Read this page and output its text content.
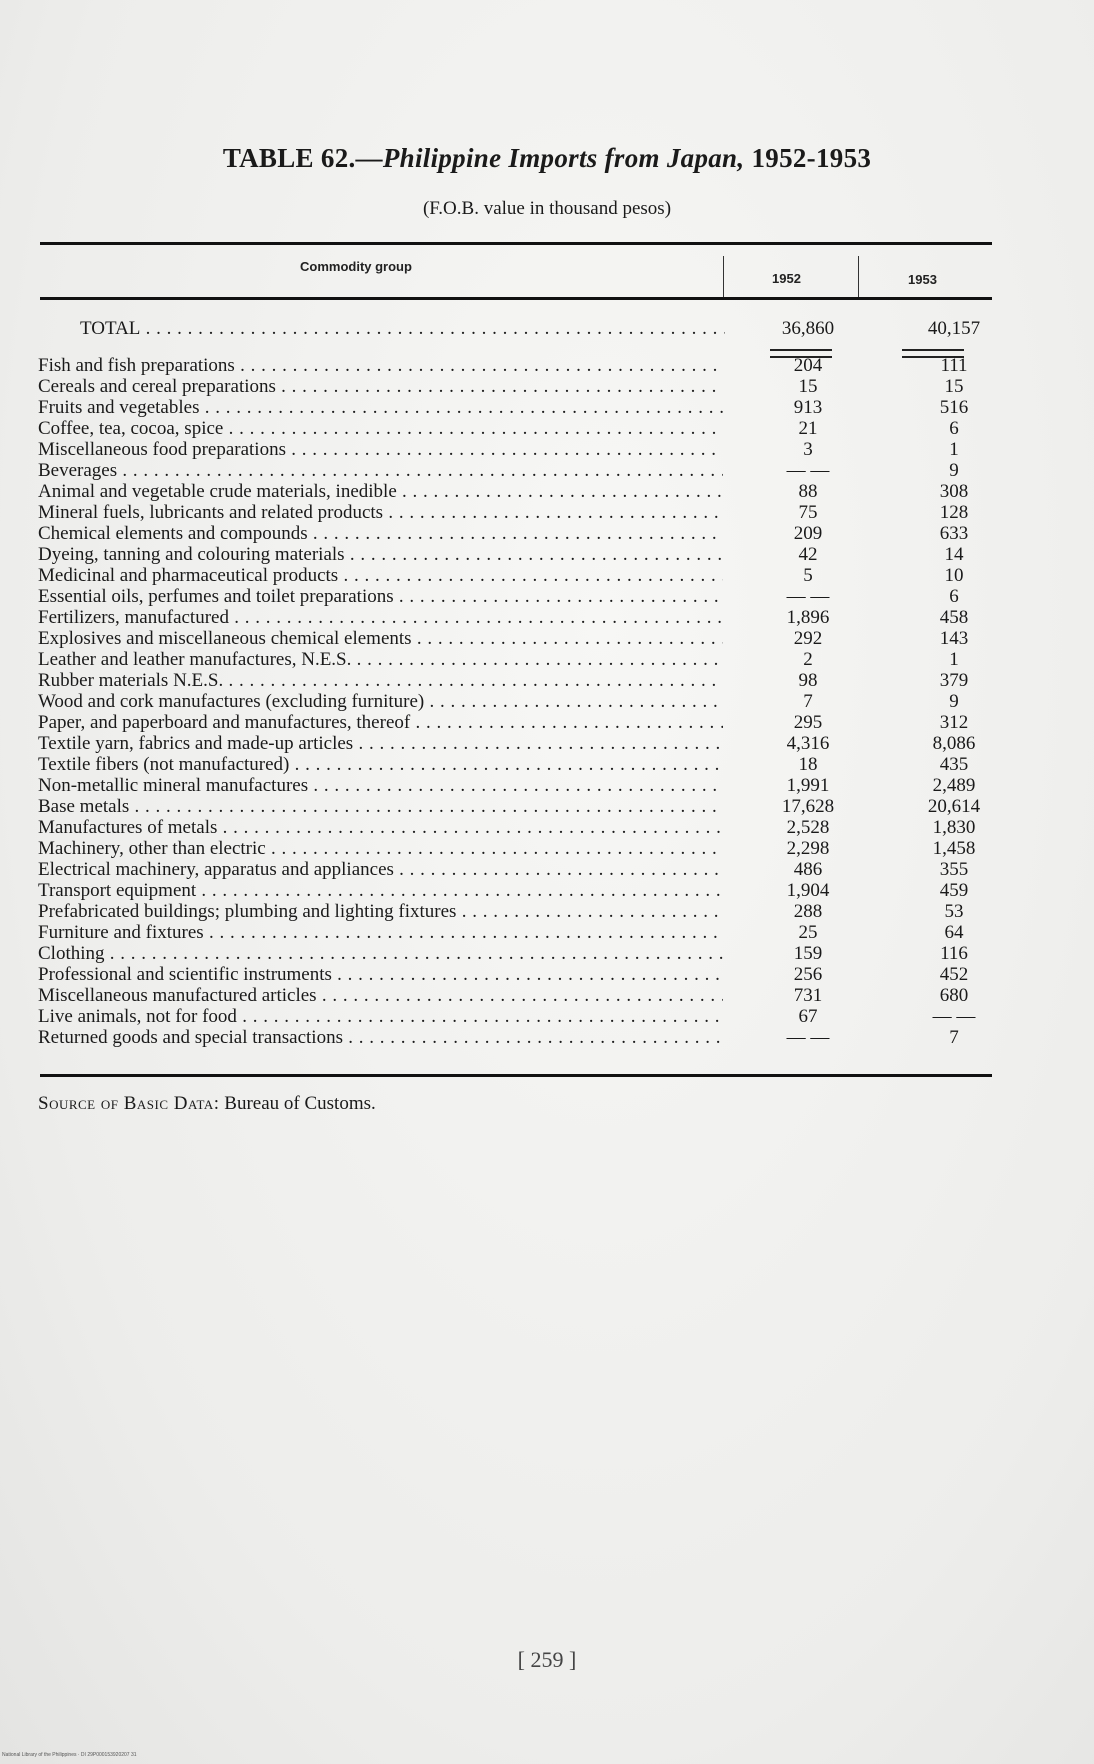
TABLE 62.—Philippine Imports from Japan, 1952-1953
(F.O.B. value in thousand pesos)
Commodity group
1952	1953
TOTAL . . .	36,860	40,157
Fish and fish preparations . . .	204	111
Cereals and cereal preparations . . .	15	15
Fruits and vegetables . . .	913	516
Coffee, tea, cocoa, spice . . .	21	6
Miscellaneous food preparations . . .	3	1
Beverages . . .	— —	9
Animal and vegetable crude materials, inedible . . .	88	308
Mineral fuels, lubricants and related products . . .	75	128
Chemical elements and compounds . . .	209	633
Dyeing, tanning and colouring materials . . .	42	14
Medicinal and pharmaceutical products . . .	5	10
Essential oils, perfumes and toilet preparations . . .	— —	6
Fertilizers, manufactured . . .	1,896	458
Explosives and miscellaneous chemical elements . . .	292	143
Leather and leather manufactures, N.E.S. . . .	2	1
Rubber materials N.E.S. . . .	98	379
Wood and cork manufactures (excluding furniture) . . .	7	9
Paper, and paperboard and manufactures, thereof . . .	295	312
Textile yarn, fabrics and made-up articles . . .	4,316	8,086
Textile fibers (not manufactured) . . .	18	435
Non-metallic mineral manufactures . . .	1,991	2,489
Base metals . . .	17,628	20,614
Manufactures of metals . . .	2,528	1,830
Machinery, other than electric . . .	2,298	1,458
Electrical machinery, apparatus and appliances . . .	486	355
Transport equipment . . .	1,904	459
Prefabricated buildings; plumbing and lighting fixtures . . .	288	53
Furniture and fixtures . . .	25	64
Clothing . . .	159	116
Professional and scientific instruments . . .	256	452
Miscellaneous manufactured articles . . .	731	680
Live animals, not for food . . .	67	— —
Returned goods and special transactions . . .	— —	7
Source of Basic Data: Bureau of Customs.
[ 259 ]
National Library of the Philippines · DI 29P000153920207 31
